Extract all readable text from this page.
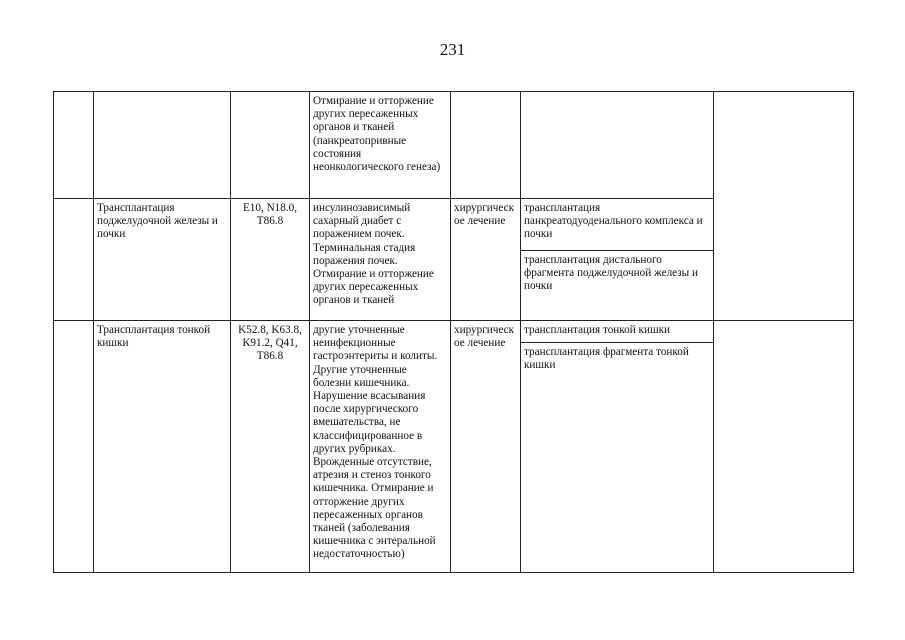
231
			Отмирание и отторжение других пересаженных органов и тканей (панкреатопривные состояния неонкологического генеза)			
	Трансплантация поджелудочной железы и почки	E10, N18.0, T86.8	инсулинозависимый сахарный диабет с поражением почек. Терминальная стадия поражения почек. Отмирание и отторжение других пересаженных органов и тканей	хирургическое лечение	трансплантация панкреатодуоденального комплекса и почки
трансплантация дистального фрагмента поджелудочной железы и почки	

	Трансплантация тонкой кишки	K52.8, K63.8, K91.2, Q41, T86.8	другие уточненные неинфекционные гастроэнтериты и колиты. Другие уточненные болезни кишечника. Нарушение всасывания после хирургического вмешательства, не классифицированное в других рубриках. Врожденные отсутствие, атрезия и стеноз тонкого кишечника. Отмирание и отторжение других пересаженных органов тканей (заболевания кишечника с энтеральной недостаточностью)	хирургическое лечение	трансплантация тонкой кишки
трансплантация фрагмента тонкой кишки	
